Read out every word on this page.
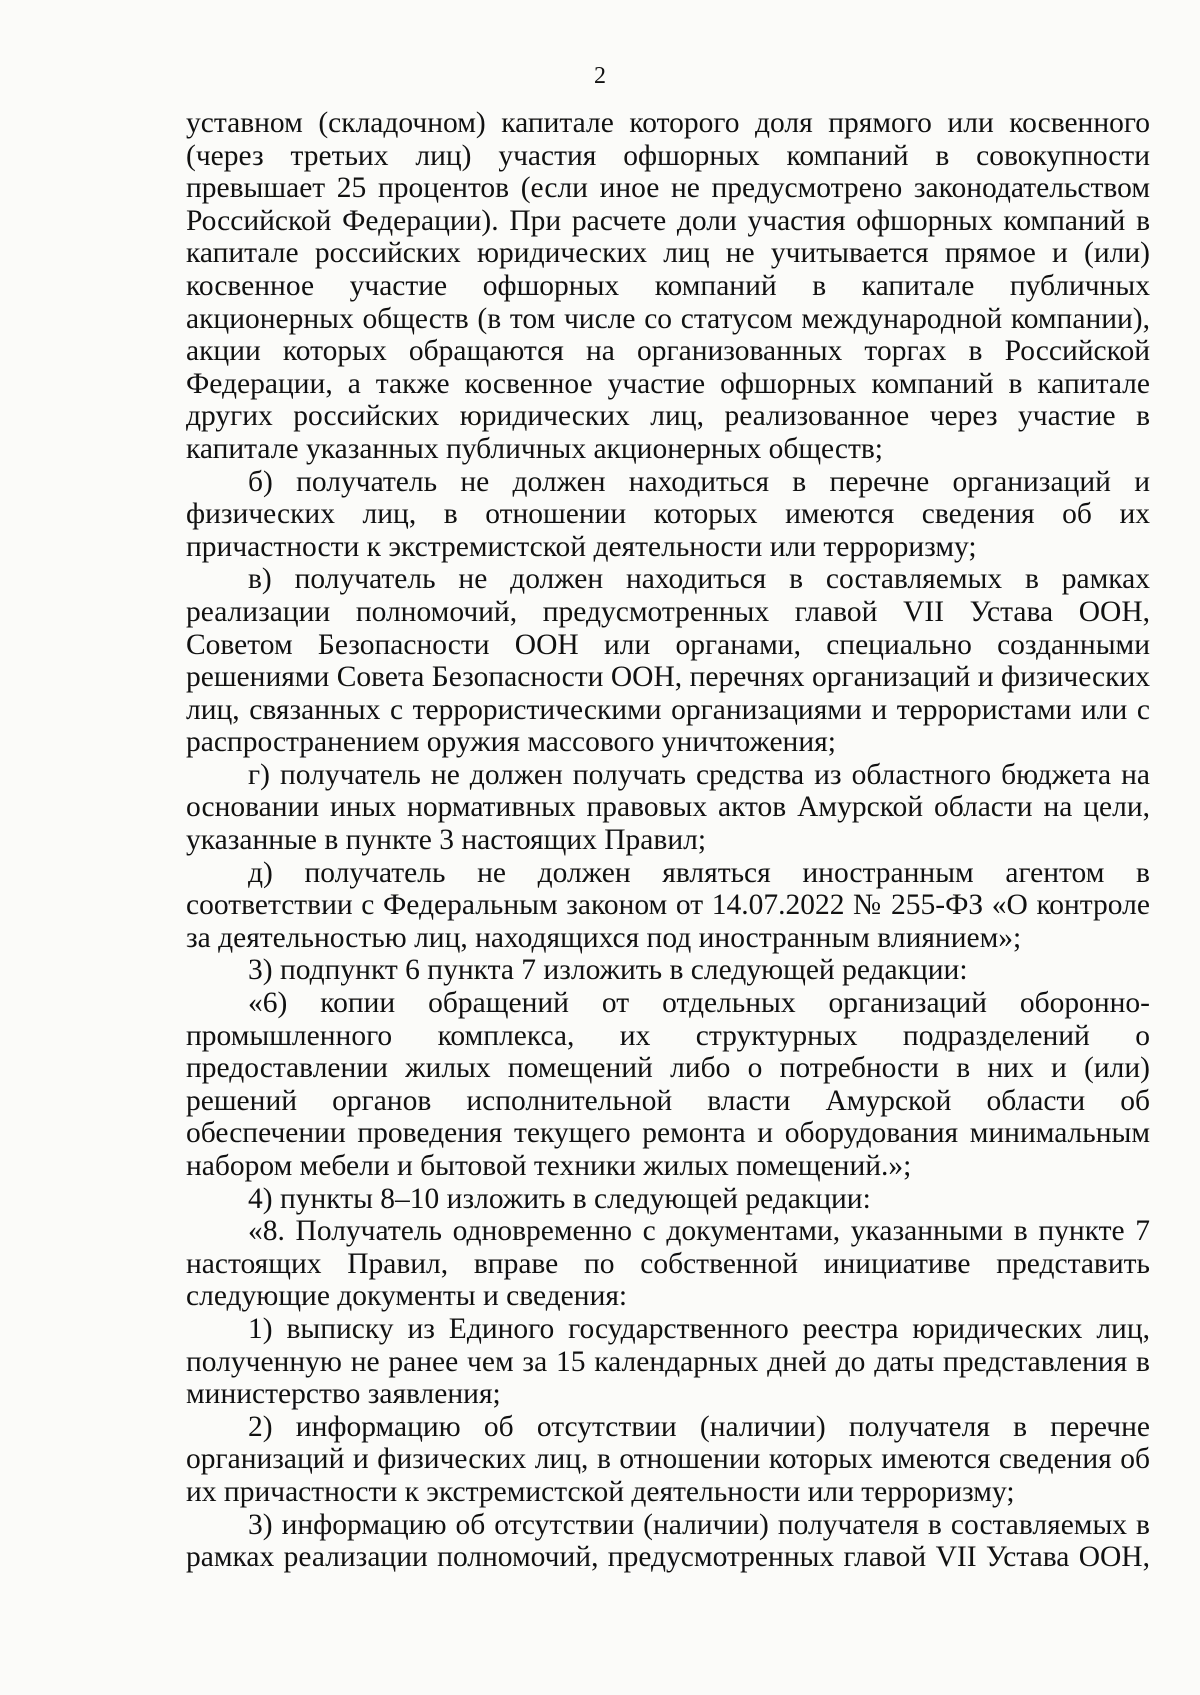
2

уставном (складочном) капитале которого доля прямого или косвенного (через третьих лиц) участия офшорных компаний в совокупности превышает 25 процентов (если иное не предусмотрено законодательством Российской Федерации). При расчете доли участия офшорных компаний в капитале российских юридических лиц не учитывается прямое и (или) косвенное участие офшорных компаний в капитале публичных акционерных обществ (в том числе со статусом международной компании), акции которых обращаются на организованных торгах в Российской Федерации, а также косвенное участие офшорных компаний в капитале других российских юридических лиц, реализованное через участие в капитале указанных публичных акционерных обществ;

б) получатель не должен находиться в перечне организаций и физических лиц, в отношении которых имеются сведения об их причастности к экстремистской деятельности или терроризму;

в) получатель не должен находиться в составляемых в рамках реализации полномочий, предусмотренных главой VII Устава ООН, Советом Безопасности ООН или органами, специально созданными решениями Совета Безопасности ООН, перечнях организаций и физических лиц, связанных с террористическими организациями и террористами или с распространением оружия массового уничтожения;

г) получатель не должен получать средства из областного бюджета на основании иных нормативных правовых актов Амурской области на цели, указанные в пункте 3 настоящих Правил;

д) получатель не должен являться иностранным агентом в соответствии с Федеральным законом от 14.07.2022 № 255-ФЗ «О контроле за деятельностью лиц, находящихся под иностранным влиянием»;

3) подпункт 6 пункта 7 изложить в следующей редакции:

«6) копии обращений от отдельных организаций оборонно-промышленного комплекса, их структурных подразделений о предоставлении жилых помещений либо о потребности в них и (или) решений органов исполнительной власти Амурской области об обеспечении проведения текущего ремонта и оборудования минимальным набором мебели и бытовой техники жилых помещений.»;

4) пункты 8–10 изложить в следующей редакции:

«8. Получатель одновременно с документами, указанными в пункте 7 настоящих Правил, вправе по собственной инициативе представить следующие документы и сведения:

1) выписку из Единого государственного реестра юридических лиц, полученную не ранее чем за 15 календарных дней до даты представления в министерство заявления;

2) информацию об отсутствии (наличии) получателя в перечне организаций и физических лиц, в отношении которых имеются сведения об их причастности к экстремистской деятельности или терроризму;

3) информацию об отсутствии (наличии) получателя в составляемых в рамках реализации полномочий, предусмотренных главой VII Устава ООН,
